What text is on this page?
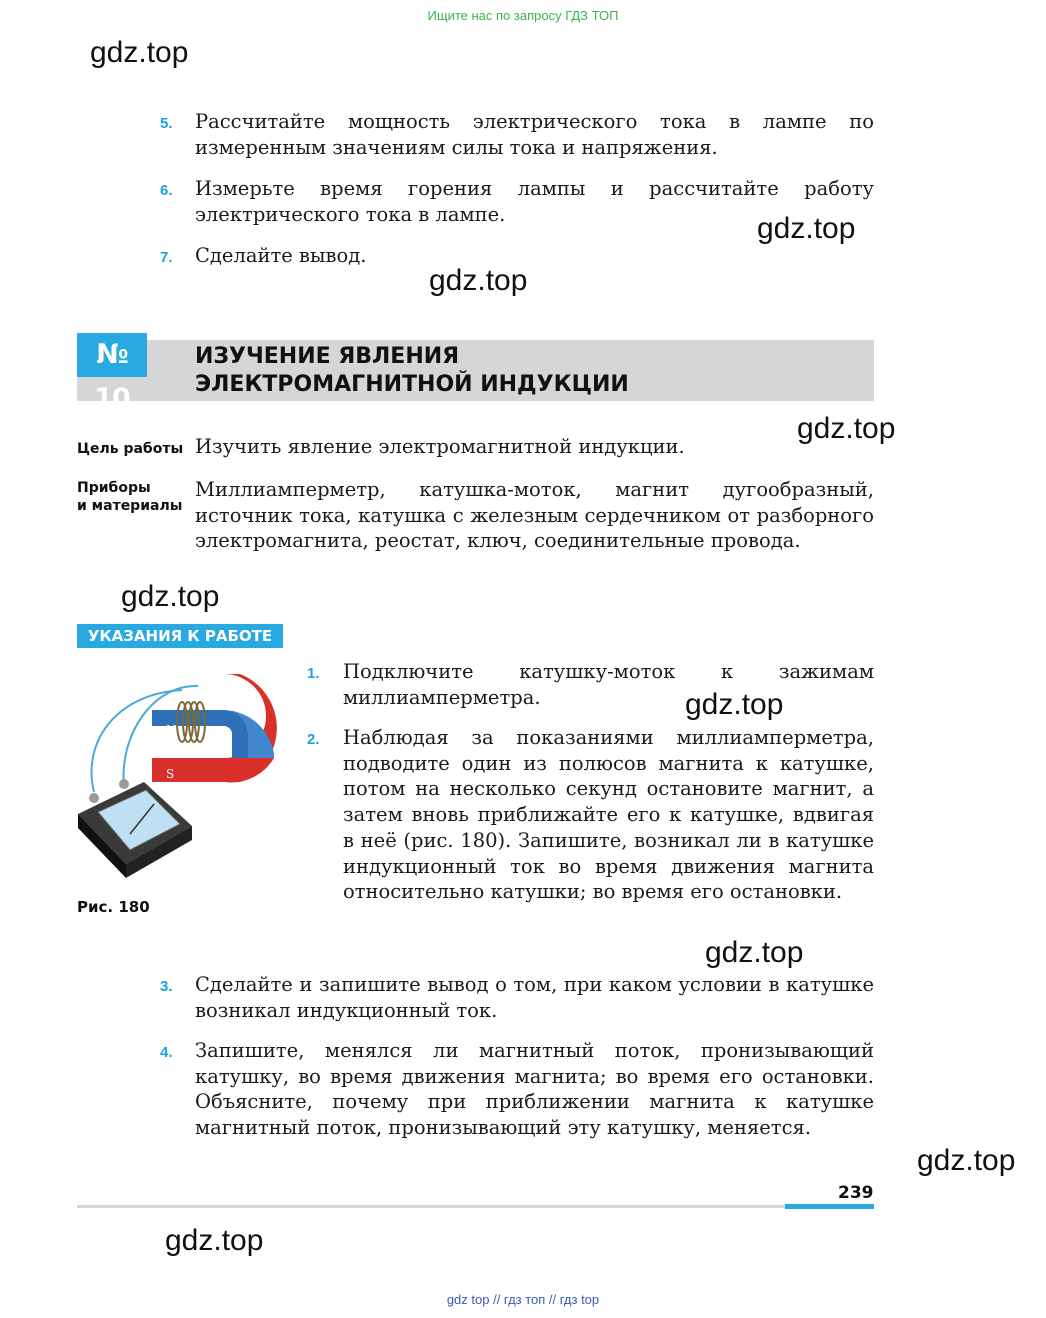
Ищите нас по запросу ГДЗ ТОП
gdz.top
gdz.top
gdz.top
gdz.top
gdz.top
gdz.top
gdz.top
gdz.top
gdz.top
5. Рассчитайте мощность электрического тока в лампе по измеренным значениям силы тока и напряжения.
6. Измерьте время горения лампы и рассчитайте работу электрического тока в лампе.
7. Сделайте вывод.
№ 10
ИЗУЧЕНИЕ ЯВЛЕНИЯ
ЭЛЕКТРОМАГНИТНОЙ ИНДУКЦИИ
Цель работы Изучить явление электромагнитной индукции.
Приборы
и материалы
Миллиамперметр, катушка-моток, магнит дугообразный, источник тока, катушка с железным сердечником от разборного электромагнита, реостат, ключ, соединительные провода.
УКАЗАНИЯ К РАБОТЕ
N
S
Рис. 180
1. Подключите катушку-моток к зажимам миллиамперметра.
2. Наблюдая за показаниями миллиамперметра, подводите один из полюсов магнита к катушке, потом на несколько секунд остановите магнит, а затем вновь приближайте его к катушке, вдвигая в неё (рис. 180). Запишите, возникал ли в катушке индукционный ток во время движения магнита относительно катушки; во время его остановки.
3. Сделайте и запишите вывод о том, при каком условии в катушке возникал индукционный ток.
4. Запишите, менялся ли магнитный поток, пронизывающий катушку, во время движения магнита; во время его остановки. Объясните, почему при приближении магнита к катушке магнитный поток, пронизывающий эту катушку, меняется.
239
gdz top // гдз топ // гдз top
